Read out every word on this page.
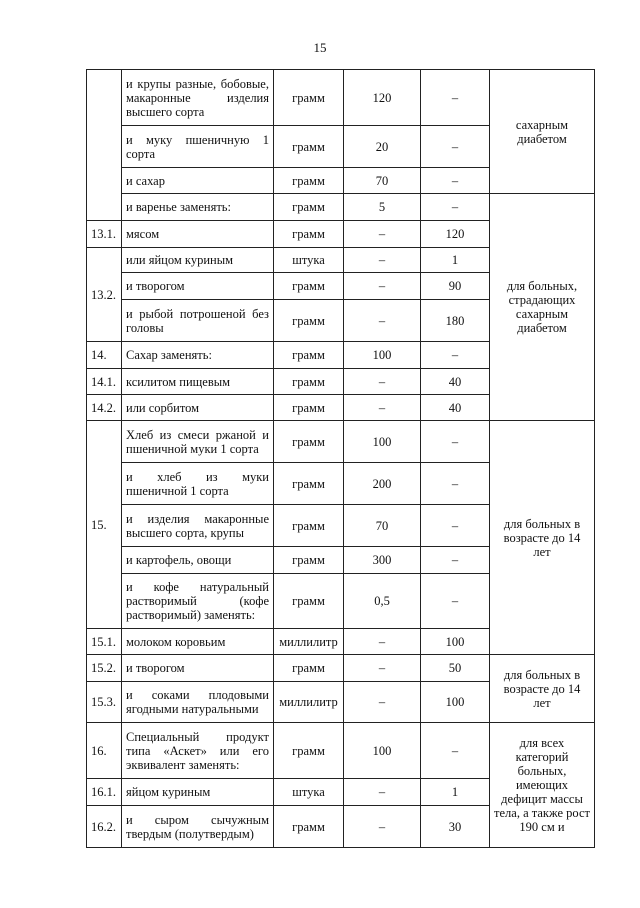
15
	и крупы разные, бобовые, макаронные изделия высшего сорта	грамм	120	–	сахарным диабетом
	и муку пшеничную 1 сорта	грамм	20	–	
	и сахар	грамм	70	–	
	и варенье заменять:	грамм	5	–	для больных, страдающих сахарным диабетом
13.1.	мясом	грамм	–	120	
13.2.	или яйцом куриным	штука	–	1	
	и творогом	грамм	–	90	
	и рыбой потрошеной без головы	грамм	–	180	
14.	Сахар заменять:	грамм	100	–	
14.1.	ксилитом пищевым	грамм	–	40	
14.2.	или сорбитом	грамм	–	40	
15.	Хлеб из смеси ржаной и пшеничной муки 1 сорта	грамм	100	–	для больных в возрасте до 14 лет
	и хлеб из муки пшеничной 1 сорта	грамм	200	–	
	и изделия макаронные высшего сорта, крупы	грамм	70	–	
	и картофель, овощи	грамм	300	–	
	и кофе натуральный растворимый (кофе растворимый) заменять:	грамм	0,5	–	
15.1.	молоком коровьим	миллилитр	–	100	
15.2.	и творогом	грамм	–	50	для больных в возрасте до 14 лет
15.3.	и соками плодовыми ягодными натуральными	миллилитр	–	100	
16.	Специальный продукт типа «Аскет» или его эквивалент заменять:	грамм	100	–	для всех категорий больных, имеющих дефицит массы тела, а также рост 190 см и
16.1.	яйцом куриным	штука	–	1	
16.2.	и сыром сычужным твердым (полутвердым)	грамм	–	30	
